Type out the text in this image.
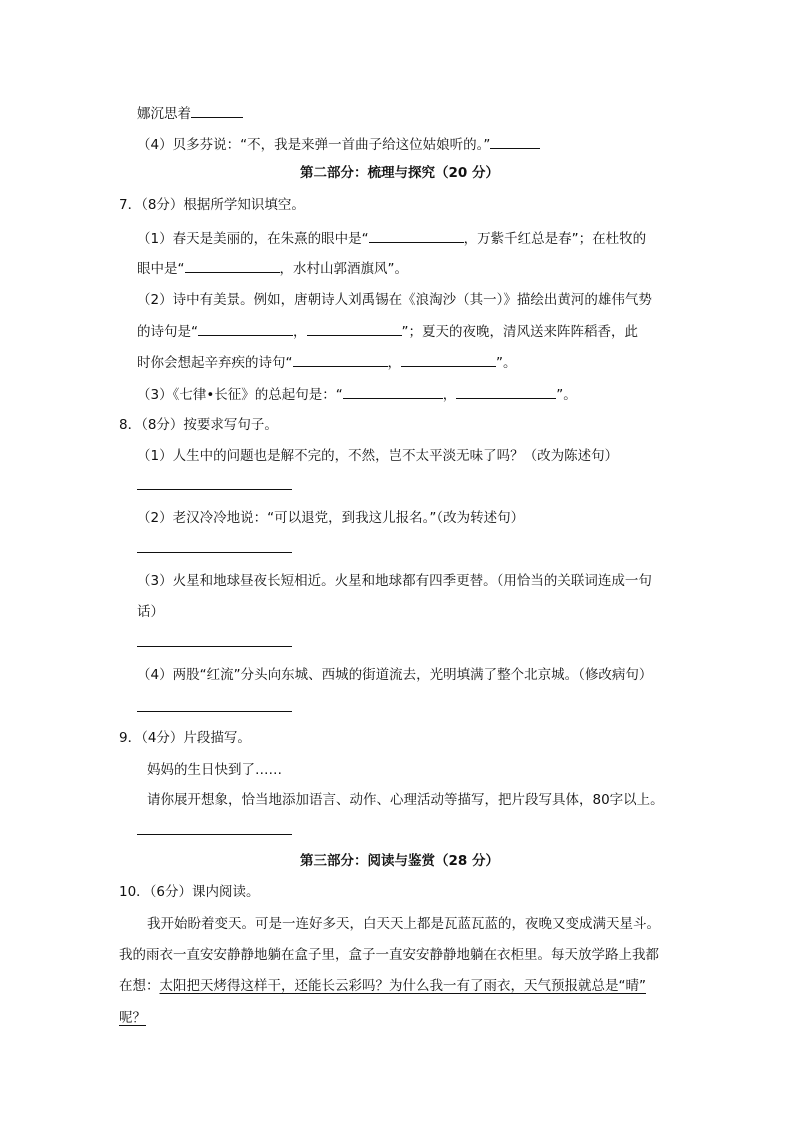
娜沉思着
（4）贝多芬说：“不，我是来弹一首曲子给这位姑娘听的。”
第二部分：梳理与探究（20 分）
7．（8分）根据所学知识填空。
（1）春天是美丽的，在朱熹的眼中是“	，万紫千红总是春”；在杜牧的
眼中是“	，水村山郭酒旗风”。
（2）诗中有美景。例如，唐朝诗人刘禹锡在《浪淘沙（其一）》描绘出黄河的雄伟气势
的诗句是“	，	”；夏天的夜晚，清风送来阵阵稻香，此
时你会想起辛弃疾的诗句“	，	”。
（3）《七律•长征》的总起句是：“	，	”。
8．（8分）按要求写句子。
（1）人生中的问题也是解不完的，不然，岂不太平淡无味了吗？（改为陈述句）
（2）老汉冷冷地说：“可以退党，到我这儿报名。”（改为转述句）
（3）火星和地球昼夜长短相近。火星和地球都有四季更替。（用恰当的关联词连成一句
话）
（4）两股“红流”分头向东城、西城的街道流去，光明填满了整个北京城。（修改病句）
9．（4分）片段描写。
妈妈的生日快到了……
请你展开想象，恰当地添加语言、动作、心理活动等描写，把片段写具体，80字以上。
第三部分：阅读与鉴赏（28 分）
10．（6分）课内阅读。
我开始盼着变天。可是一连好多天，白天天上都是瓦蓝瓦蓝的，夜晚又变成满天星斗。
我的雨衣一直安安静静地躺在盒子里，盒子一直安安静静地躺在衣柜里。每天放学路上我都
在想：太阳把天烤得这样干，还能长云彩吗？为什么我一有了雨衣，天气预报就总是“晴”
呢？
